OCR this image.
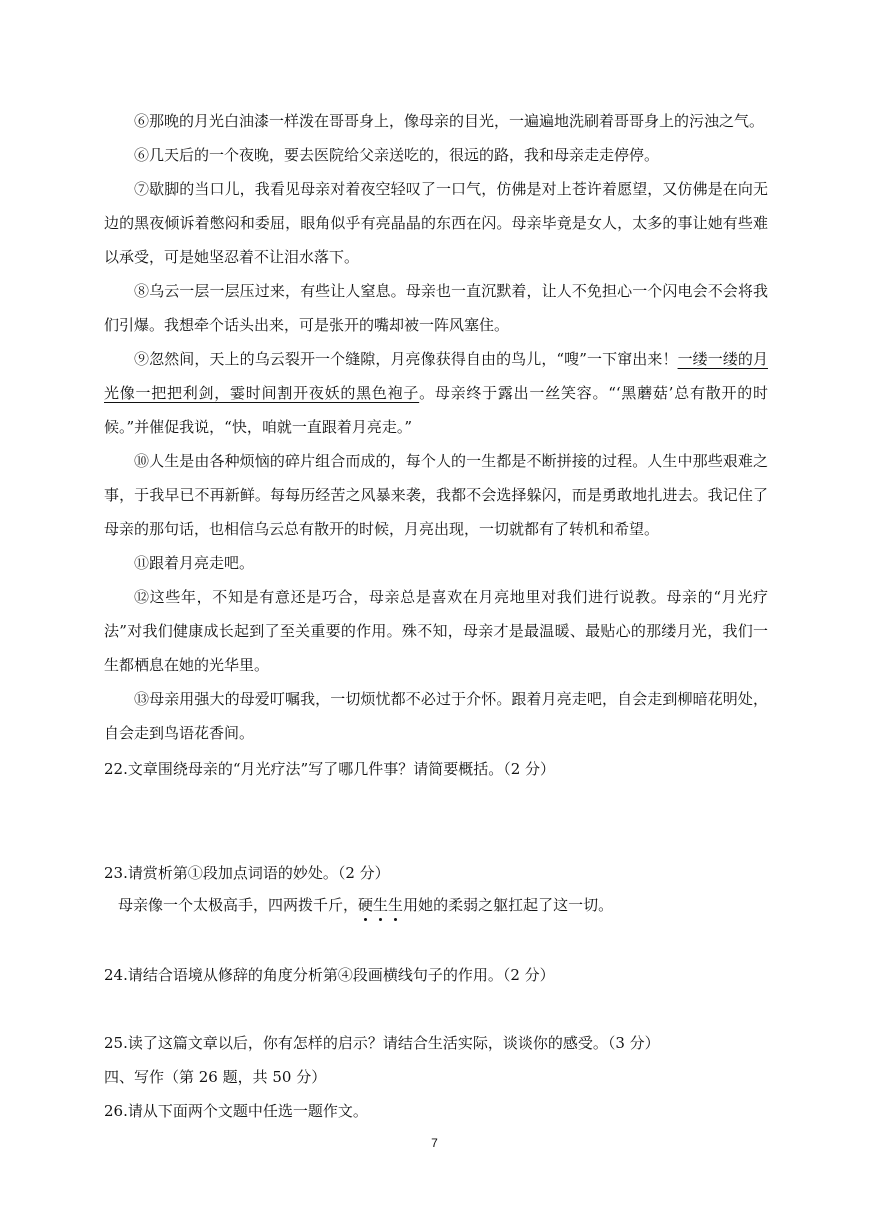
⑥那晚的月光白油漆一样泼在哥哥身上，像母亲的目光，一遍遍地洗刷着哥哥身上的污浊之气。

⑥几天后的一个夜晚，要去医院给父亲送吃的，很远的路，我和母亲走走停停。

⑦歇脚的当口儿，我看见母亲对着夜空轻叹了一口气，仿佛是对上苍许着愿望，又仿佛是在向无边的黑夜倾诉着憋闷和委屈，眼角似乎有亮晶晶的东西在闪。母亲毕竟是女人，太多的事让她有些难以承受，可是她坚忍着不让泪水落下。

⑧乌云一层一层压过来，有些让人窒息。母亲也一直沉默着，让人不免担心一个闪电会不会将我们引爆。我想牵个话头出来，可是张开的嘴却被一阵风塞住。

⑨忽然间，天上的乌云裂开一个缝隙，月亮像获得自由的鸟儿，“嗖”一下窜出来！一缕一缕的月光像一把把利剑，霎时间割开夜妖的黑色袍子。母亲终于露出一丝笑容。“‘黑蘑菇’总有散开的时候。”并催促我说，“快，咱就一直跟着月亮走。”

⑩人生是由各种烦恼的碎片组合而成的，每个人的一生都是不断拼接的过程。人生中那些艰难之事，于我早已不再新鲜。每每历经苦之风暴来袭，我都不会选择躲闪，而是勇敢地扎进去。我记住了母亲的那句话，也相信乌云总有散开的时候，月亮出现，一切就都有了转机和希望。

⑪跟着月亮走吧。

⑫这些年，不知是有意还是巧合，母亲总是喜欢在月亮地里对我们进行说教。母亲的“月光疗法”对我们健康成长起到了至关重要的作用。殊不知，母亲才是最温暖、最贴心的那缕月光，我们一生都栖息在她的光华里。

⑬母亲用强大的母爱叮嘱我，一切烦忧都不必过于介怀。跟着月亮走吧，自会走到柳暗花明处，自会走到鸟语花香间。

22.文章围绕母亲的“月光疗法”写了哪几件事？请简要概括。（2 分）

23.请赏析第①段加点词语的妙处。（2 分）

母亲像一个太极高手，四两拨千斤，硬生生用她的柔弱之躯扛起了这一切。

24.请结合语境从修辞的角度分析第④段画横线句子的作用。（2 分）

25.读了这篇文章以后，你有怎样的启示？请结合生活实际，谈谈你的感受。（3 分）

四、写作（第 26 题，共 50 分）

26.请从下面两个文题中任选一题作文。

7
